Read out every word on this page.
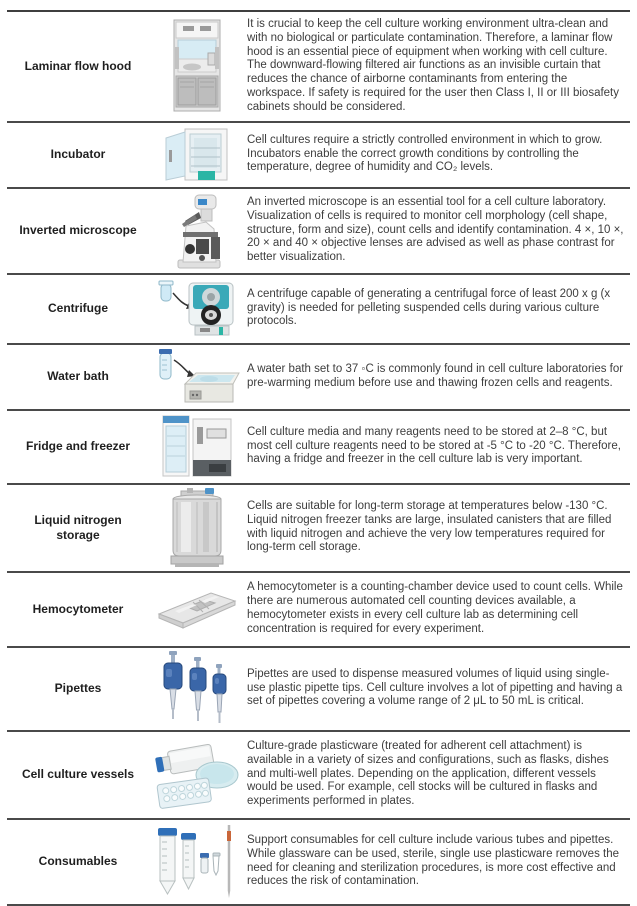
Laminar flow hood
It is crucial to keep the cell culture working environment ultra-clean and with no biological or particulate contamination. Therefore, a laminar flow hood is an essential piece of equipment when working with cell culture. The downward-flowing filtered air functions as an invisible curtain that reduces the chance of airborne contaminants from entering the workspace. If safety is required for the user then Class I, II or III biosafety cabinets should be considered.
Incubator
Cell cultures require a strictly controlled environment in which to grow. Incubators enable the correct growth conditions by controlling the temperature, degree of humidity and CO₂ levels.
Inverted microscope
An inverted microscope is an essential tool for a cell culture laboratory. Visualization of cells is required to monitor cell morphology (cell shape, structure, form and size), count cells and identify contamination. 4 ×, 10 ×, 20 × and 40 × objective lenses are advised as well as phase contrast for better visualization.
Centrifuge
A centrifuge capable of generating a centrifugal force of least 200 x g (x gravity) is needed for pelleting suspended cells during various culture protocols.
Water bath
A water bath set to 37 ◦C is commonly found in cell culture laboratories for pre-warming medium before use and thawing frozen cells and reagents.
Fridge and freezer
Cell culture media and many reagents need to be stored at 2–8 °C, but most cell culture reagents need to be stored at -5 °C to -20 °C. Therefore, having a fridge and freezer in the cell culture lab is very important.
Liquid nitrogen storage
Cells are suitable for long-term storage at temperatures below -130 °C. Liquid nitrogen freezer tanks are large, insulated canisters that are filled with liquid nitrogen and achieve the very low temperatures required for long-term cell storage.
Hemocytometer
A hemocytometer is a counting-chamber device used to count cells. While there are numerous automated cell counting devices available, a hemocytometer exists in every cell culture lab as determining cell concentration is required for every experiment.
Pipettes
Pipettes are used to dispense measured volumes of liquid using single-use plastic pipette tips. Cell culture involves a lot of pipetting and having a set of pipettes covering a volume range of 2 μL to 50 mL is critical.
Cell culture vessels
Culture-grade plasticware (treated for adherent cell attachment) is available in a variety of sizes and configurations, such as flasks, dishes and multi-well plates. Depending on the application, different vessels would be used. For example, cell stocks will be cultured in flasks and experiments performed in plates.
Consumables
Support consumables for cell culture include various tubes and pipettes. While glassware can be used, sterile, single use plasticware removes the need for cleaning and sterilization procedures, is more cost effective and reduces the risk of contamination.
